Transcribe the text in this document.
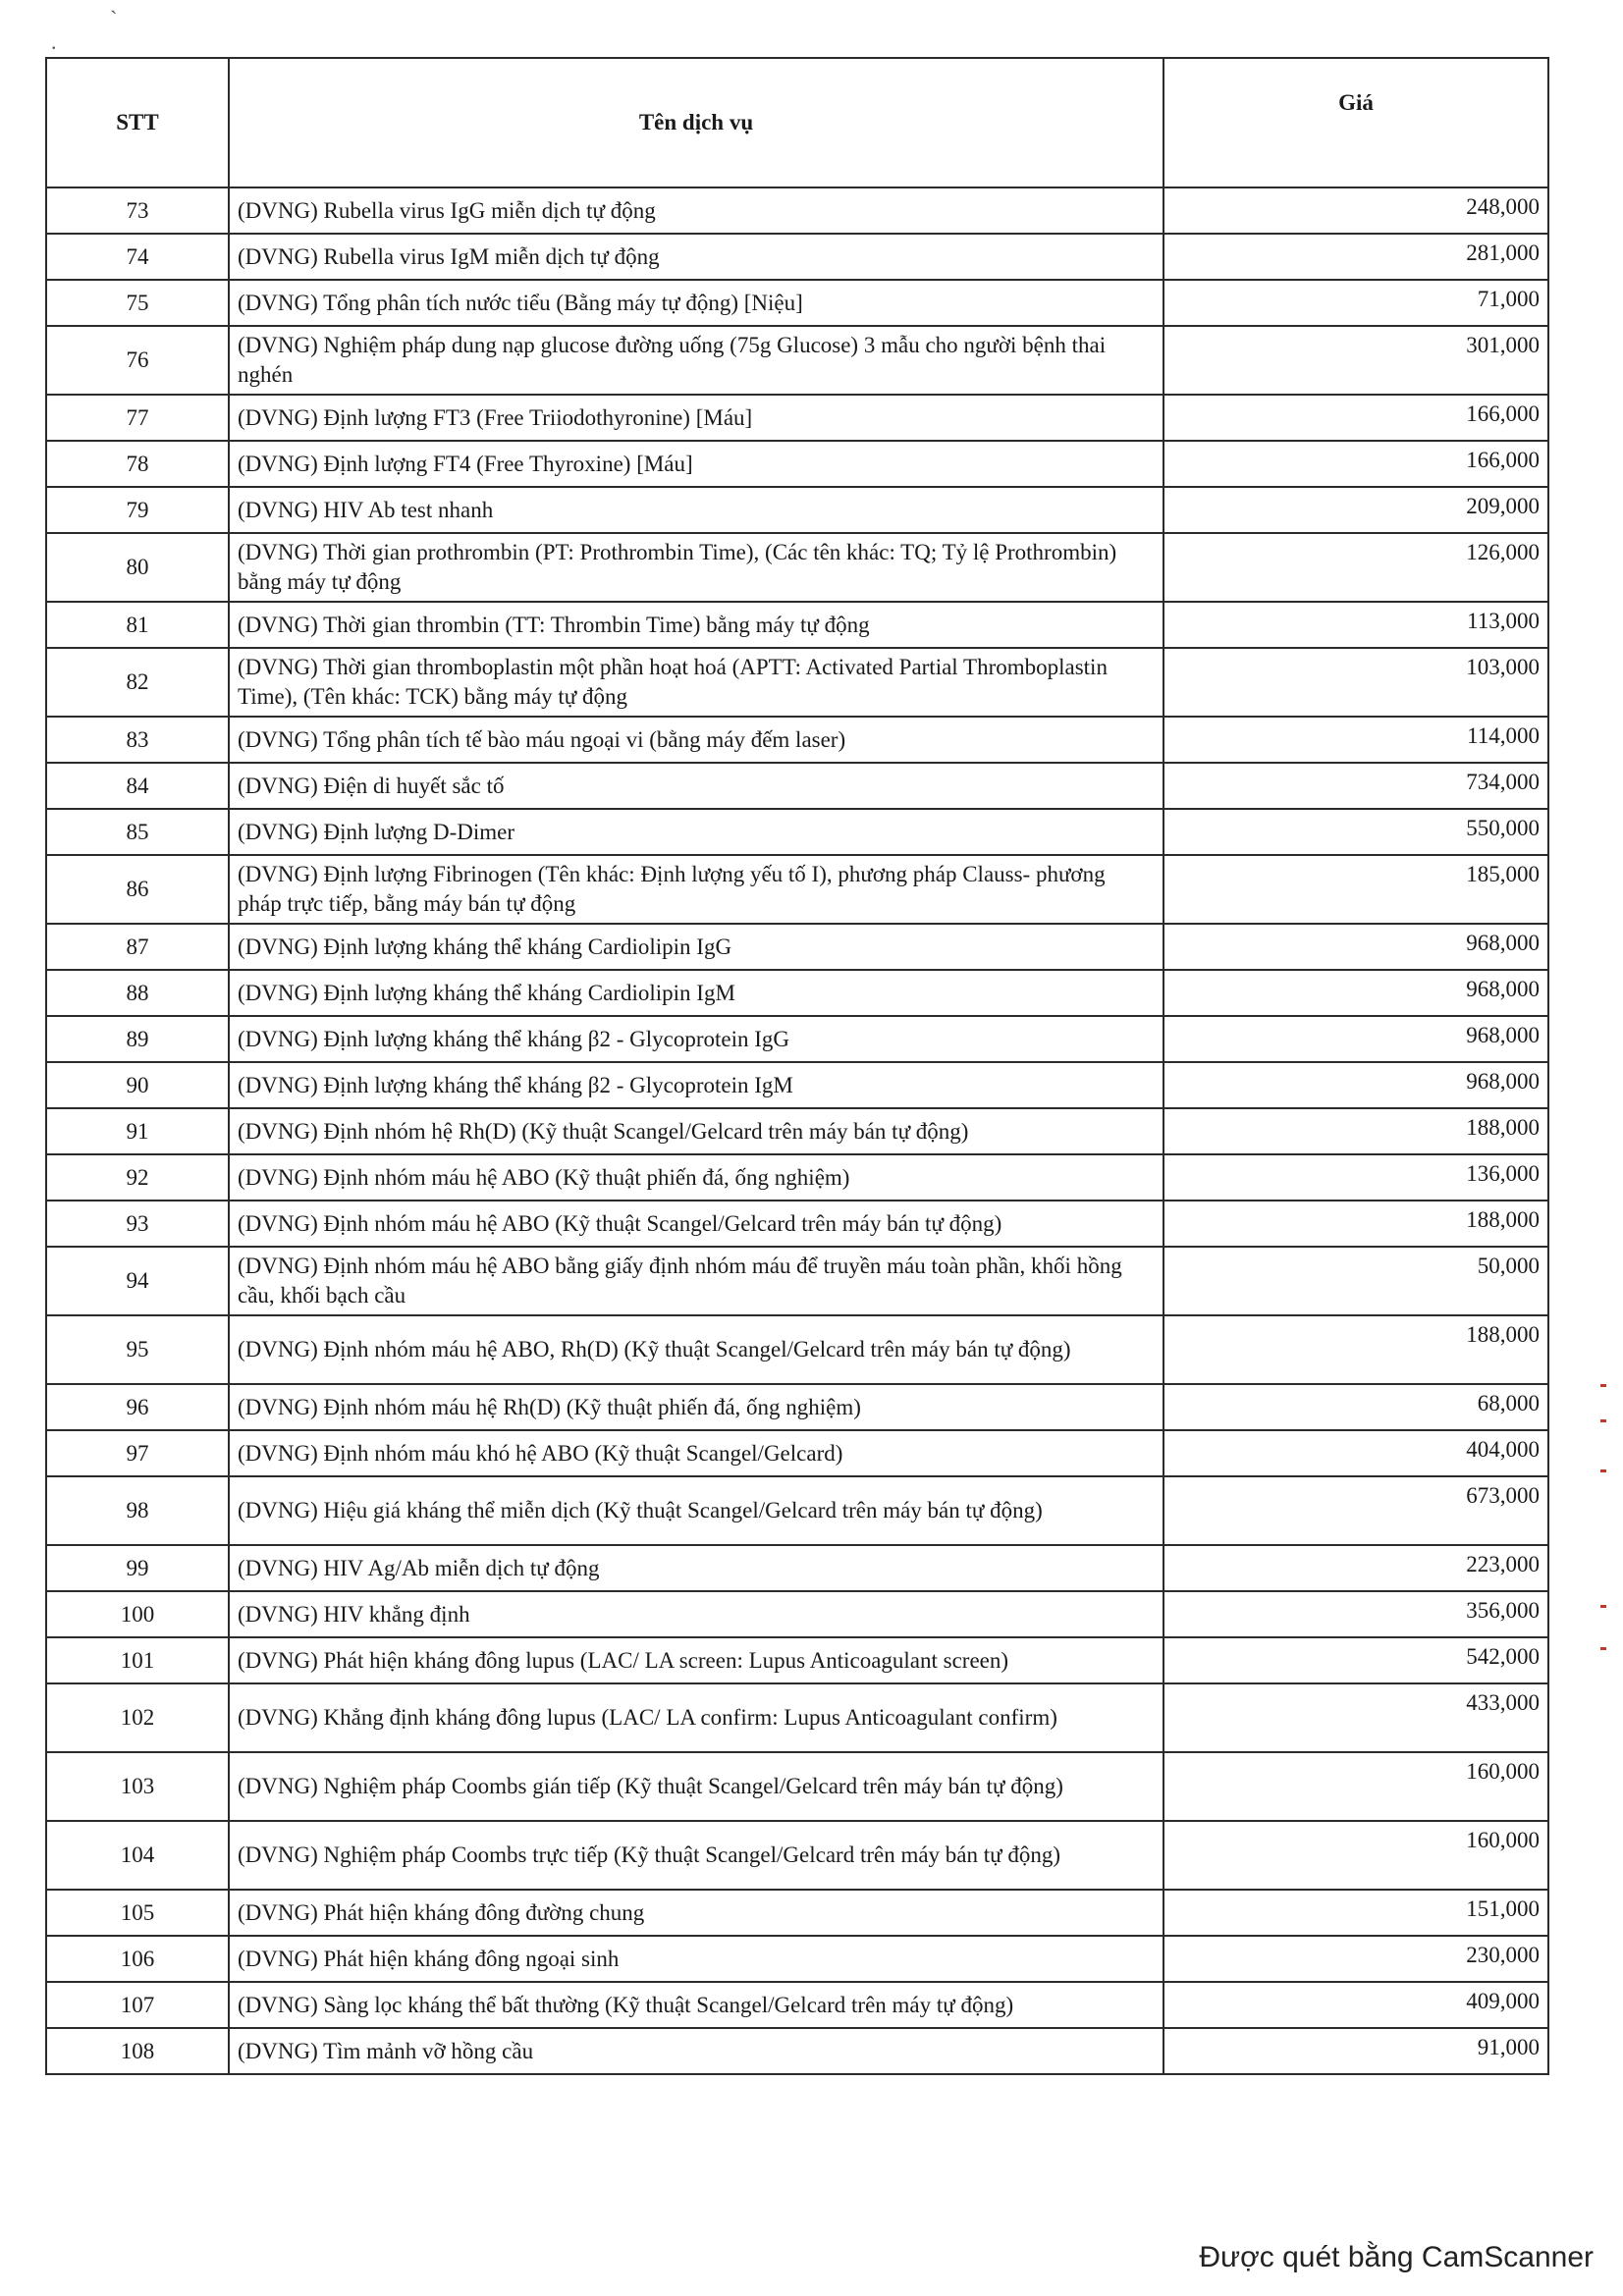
`
.
STT	Tên dịch vụ	Giá
73	(DVNG) Rubella virus IgG miễn dịch tự động	248,000
74	(DVNG) Rubella virus IgM miễn dịch tự động	281,000
75	(DVNG) Tổng phân tích nước tiểu (Bằng máy tự động) [Niệu]	71,000
76	(DVNG) Nghiệm pháp dung nạp glucose đường uống (75g Glucose) 3 mẫu cho người bệnh thai nghén	301,000
77	(DVNG) Định lượng FT3 (Free Triiodothyronine) [Máu]	166,000
78	(DVNG) Định lượng FT4 (Free Thyroxine) [Máu]	166,000
79	(DVNG) HIV Ab test nhanh	209,000
80	(DVNG) Thời gian prothrombin (PT: Prothrombin Time), (Các tên khác: TQ; Tỷ lệ Prothrombin) bằng máy tự động	126,000
81	(DVNG) Thời gian thrombin (TT: Thrombin Time) bằng máy tự động	113,000
82	(DVNG) Thời gian thromboplastin một phần hoạt hoá (APTT: Activated Partial Thromboplastin Time), (Tên khác: TCK) bằng máy tự động	103,000
83	(DVNG) Tổng phân tích tế bào máu ngoại vi (bằng máy đếm laser)	114,000
84	(DVNG) Điện di huyết sắc tố	734,000
85	(DVNG) Định lượng D-Dimer	550,000
86	(DVNG) Định lượng Fibrinogen (Tên khác: Định lượng yếu tố I), phương pháp Clauss- phương pháp trực tiếp, bằng máy bán tự động	185,000
87	(DVNG) Định lượng kháng thể kháng Cardiolipin IgG	968,000
88	(DVNG) Định lượng kháng thể kháng Cardiolipin IgM	968,000
89	(DVNG) Định lượng kháng thể kháng β2 - Glycoprotein IgG	968,000
90	(DVNG) Định lượng kháng thể kháng β2 - Glycoprotein IgM	968,000
91	(DVNG) Định nhóm hệ Rh(D) (Kỹ thuật Scangel/Gelcard trên máy bán tự động)	188,000
92	(DVNG) Định nhóm máu hệ ABO (Kỹ thuật phiến đá, ống nghiệm)	136,000
93	(DVNG) Định nhóm máu hệ ABO (Kỹ thuật Scangel/Gelcard trên máy bán tự động)	188,000
94	(DVNG) Định nhóm máu hệ ABO bằng giấy định nhóm máu để truyền máu toàn phần, khối hồng cầu, khối bạch cầu	50,000
95	(DVNG) Định nhóm máu hệ ABO, Rh(D) (Kỹ thuật Scangel/Gelcard trên máy bán tự động)	188,000
96	(DVNG) Định nhóm máu hệ Rh(D) (Kỹ thuật phiến đá, ống nghiệm)	68,000
97	(DVNG) Định nhóm máu khó hệ ABO (Kỹ thuật Scangel/Gelcard)	404,000
98	(DVNG) Hiệu giá kháng thể miễn dịch (Kỹ thuật Scangel/Gelcard trên máy bán tự động)	673,000
99	(DVNG) HIV Ag/Ab miễn dịch tự động	223,000
100	(DVNG) HIV khẳng định	356,000
101	(DVNG) Phát hiện kháng đông lupus (LAC/ LA screen: Lupus Anticoagulant screen)	542,000
102	(DVNG) Khẳng định kháng đông lupus (LAC/ LA confirm: Lupus Anticoagulant confirm)	433,000
103	(DVNG) Nghiệm pháp Coombs gián tiếp (Kỹ thuật Scangel/Gelcard trên máy bán tự động)	160,000
104	(DVNG) Nghiệm pháp Coombs trực tiếp (Kỹ thuật Scangel/Gelcard trên máy bán tự động)	160,000
105	(DVNG) Phát hiện kháng đông đường chung	151,000
106	(DVNG) Phát hiện kháng đông ngoại sinh	230,000
107	(DVNG) Sàng lọc kháng thể bất thường (Kỹ thuật Scangel/Gelcard trên máy tự động)	409,000
108	(DVNG) Tìm mảnh vỡ hồng cầu	91,000
Được quét bằng CamScanner
